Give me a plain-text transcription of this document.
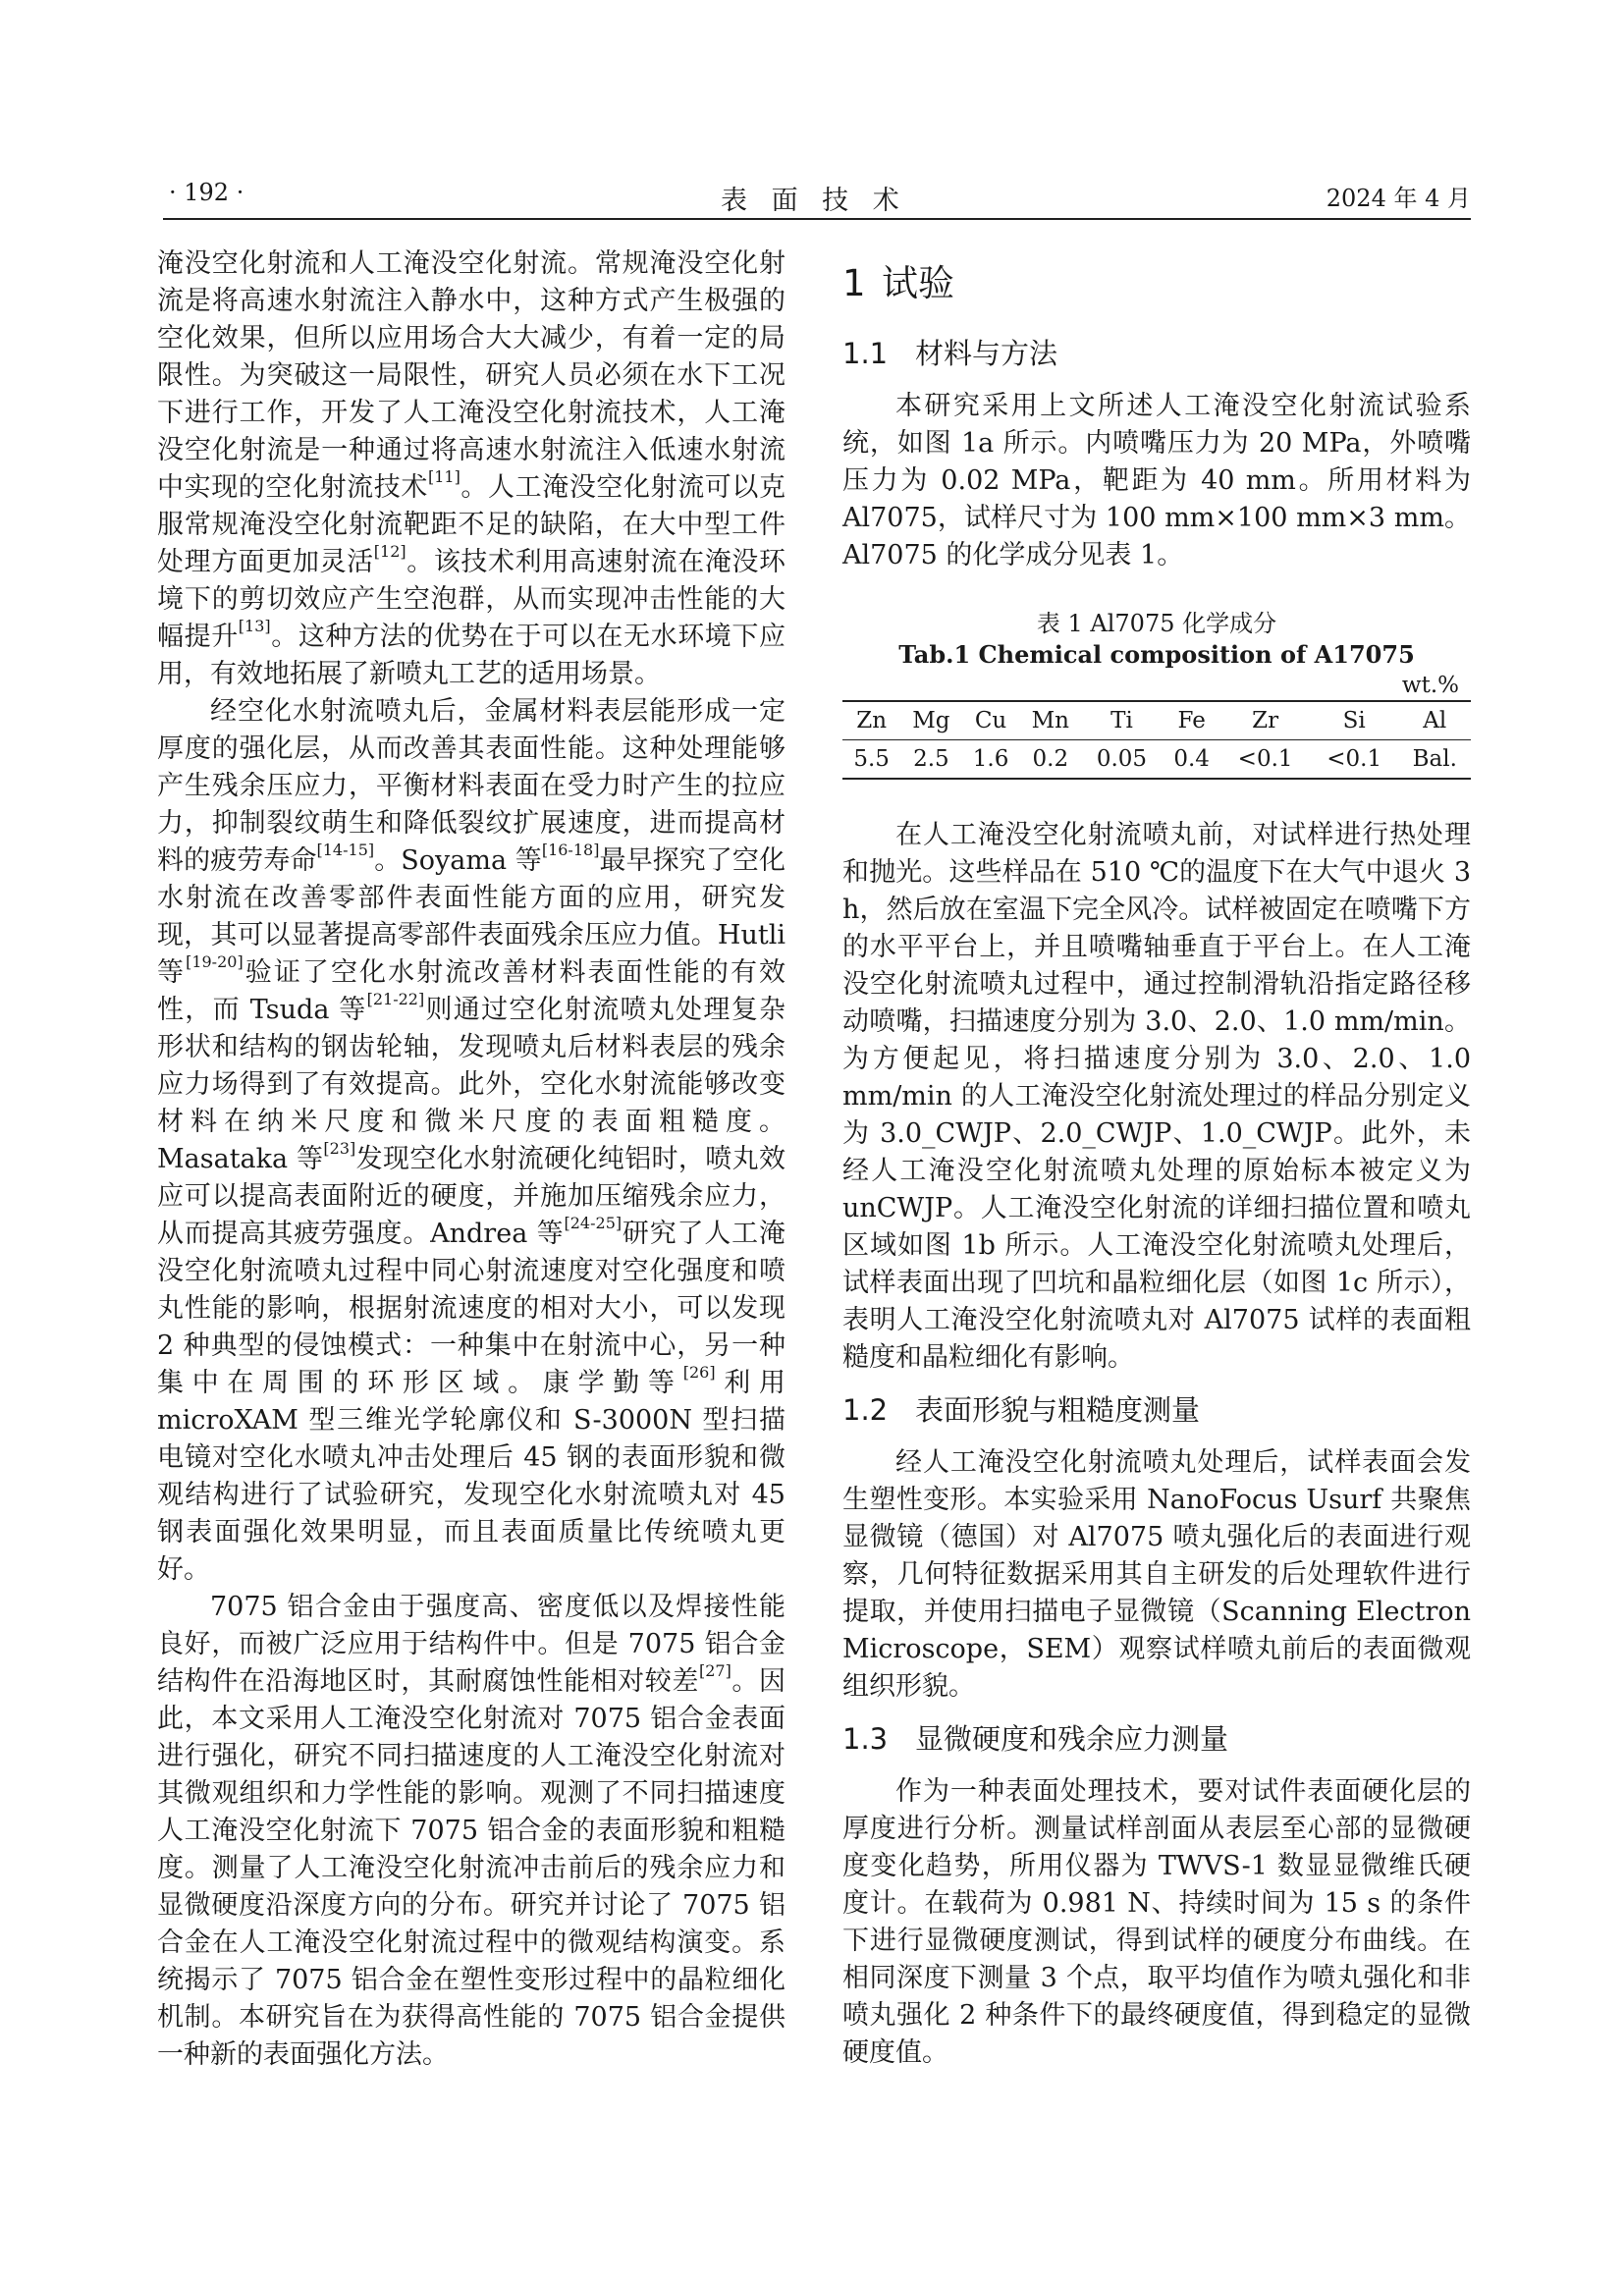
· 192 ·	表 面 技 术	2024 年 4 月

淹没空化射流和人工淹没空化射流。常规淹没空化射流是将高速水射流注入静水中，这种方式产生极强的空化效果，但所以应用场合大大减少，有着一定的局限性。为突破这一局限性，研究人员必须在水下工况下进行工作，开发了人工淹没空化射流技术，人工淹没空化射流是一种通过将高速水射流注入低速水射流中实现的空化射流技术[11]。人工淹没空化射流可以克服常规淹没空化射流靶距不足的缺陷，在大中型工件处理方面更加灵活[12]。该技术利用高速射流在淹没环境下的剪切效应产生空泡群，从而实现冲击性能的大幅提升[13]。这种方法的优势在于可以在无水环境下应用，有效地拓展了新喷丸工艺的适用场景。

经空化水射流喷丸后，金属材料表层能形成一定厚度的强化层，从而改善其表面性能。这种处理能够产生残余压应力，平衡材料表面在受力时产生的拉应力，抑制裂纹萌生和降低裂纹扩展速度，进而提高材料的疲劳寿命[14-15]。Soyama 等[16-18]最早探究了空化水射流在改善零部件表面性能方面的应用，研究发现，其可以显著提高零部件表面残余压应力值。Hutli 等[19-20]验证了空化水射流改善材料表面性能的有效性，而 Tsuda 等[21-22]则通过空化射流喷丸处理复杂形状和结构的钢齿轮轴，发现喷丸后材料表层的残余应力场得到了有效提高。此外，空化水射流能够改变材料在纳米尺度和微米尺度的表面粗糙度。Masataka 等[23]发现空化水射流硬化纯铝时，喷丸效应可以提高表面附近的硬度，并施加压缩残余应力，从而提高其疲劳强度。Andrea 等[24-25]研究了人工淹没空化射流喷丸过程中同心射流速度对空化强度和喷丸性能的影响，根据射流速度的相对大小，可以发现 2 种典型的侵蚀模式：一种集中在射流中心，另一种集中在周围的环形区域。康学勤等[26]利用 microXAM 型三维光学轮廓仪和 S-3000N 型扫描电镜对空化水喷丸冲击处理后 45 钢的表面形貌和微观结构进行了试验研究，发现空化水射流喷丸对 45 钢表面强化效果明显，而且表面质量比传统喷丸更好。

7075 铝合金由于强度高、密度低以及焊接性能良好，而被广泛应用于结构件中。但是 7075 铝合金结构件在沿海地区时，其耐腐蚀性能相对较差[27]。因此，本文采用人工淹没空化射流对 7075 铝合金表面进行强化，研究不同扫描速度的人工淹没空化射流对其微观组织和力学性能的影响。观测了不同扫描速度人工淹没空化射流下 7075 铝合金的表面形貌和粗糙度。测量了人工淹没空化射流冲击前后的残余应力和显微硬度沿深度方向的分布。研究并讨论了 7075 铝合金在人工淹没空化射流过程中的微观结构演变。系统揭示了 7075 铝合金在塑性变形过程中的晶粒细化机制。本研究旨在为获得高性能的 7075 铝合金提供一种新的表面强化方法。

1 试验
1.1 材料与方法

本研究采用上文所述人工淹没空化射流试验系统，如图 1a 所示。内喷嘴压力为 20 MPa，外喷嘴压力为 0.02 MPa，靶距为 40 mm。所用材料为 Al7075，试样尺寸为 100 mm×100 mm×3 mm。Al7075 的化学成分见表 1。

表 1 Al7075 化学成分
Tab.1 Chemical composition of A17075
wt.%
Zn	Mg	Cu	Mn	Ti	Fe	Zr	Si	Al
5.5	2.5	1.6	0.2	0.05	0.4	<0.1	<0.1	Bal.

在人工淹没空化射流喷丸前，对试样进行热处理和抛光。这些样品在 510 ℃的温度下在大气中退火 3 h，然后放在室温下完全风冷。试样被固定在喷嘴下方的水平平台上，并且喷嘴轴垂直于平台上。在人工淹没空化射流喷丸过程中，通过控制滑轨沿指定路径移动喷嘴，扫描速度分别为 3.0、2.0、1.0 mm/min。为方便起见，将扫描速度分别为 3.0、2.0、1.0 mm/min 的人工淹没空化射流处理过的样品分别定义为 3.0_CWJP、2.0_CWJP、1.0_CWJP。此外，未经人工淹没空化射流喷丸处理的原始标本被定义为 unCWJP。人工淹没空化射流的详细扫描位置和喷丸区域如图 1b 所示。人工淹没空化射流喷丸处理后，试样表面出现了凹坑和晶粒细化层（如图 1c 所示），表明人工淹没空化射流喷丸对 Al7075 试样的表面粗糙度和晶粒细化有影响。

1.2 表面形貌与粗糙度测量

经人工淹没空化射流喷丸处理后，试样表面会发生塑性变形。本实验采用 NanoFocus Usurf 共聚焦显微镜（德国）对 Al7075 喷丸强化后的表面进行观察，几何特征数据采用其自主研发的后处理软件进行提取，并使用扫描电子显微镜（Scanning Electron Microscope，SEM）观察试样喷丸前后的表面微观组织形貌。

1.3 显微硬度和残余应力测量

作为一种表面处理技术，要对试件表面硬化层的厚度进行分析。测量试样剖面从表层至心部的显微硬度变化趋势，所用仪器为 TWVS-1 数显显微维氏硬度计。在载荷为 0.981 N、持续时间为 15 s 的条件下进行显微硬度测试，得到试样的硬度分布曲线。在相同深度下测量 3 个点，取平均值作为喷丸强化和非喷丸强化 2 种条件下的最终硬度值，得到稳定的显微硬度值。
